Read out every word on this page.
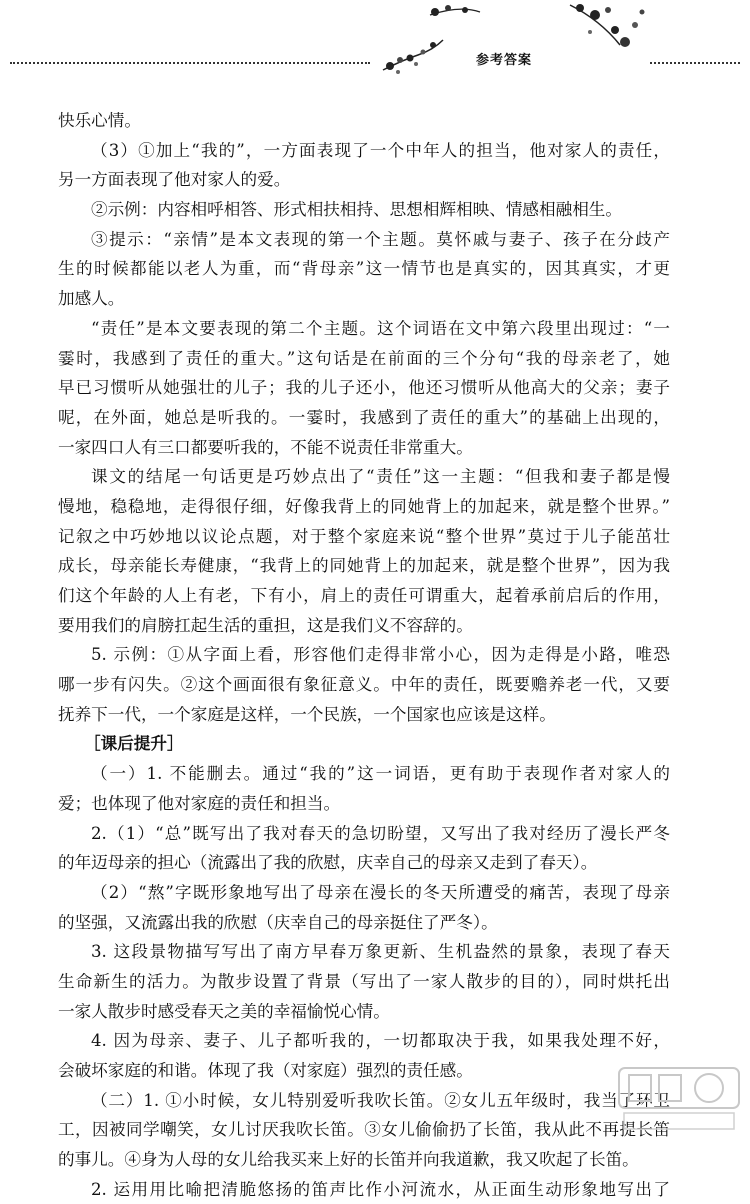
参考答案
快乐心情。
（3）①加上“我的”，一方面表现了一个中年人的担当，他对家人的责任，
另一方面表现了他对家人的爱。
②示例：内容相呼相答、形式相扶相持、思想相辉相映、情感相融相生。
③提示：“亲情”是本文表现的第一个主题。莫怀戚与妻子、孩子在分歧产
生的时候都能以老人为重，而“背母亲”这一情节也是真实的，因其真实，才更
加感人。
“责任”是本文要表现的第二个主题。这个词语在文中第六段里出现过：“一
霎时，我感到了责任的重大。”这句话是在前面的三个分句“我的母亲老了，她
早已习惯听从她强壮的儿子；我的儿子还小，他还习惯听从他高大的父亲；妻子
呢，在外面，她总是听我的。一霎时，我感到了责任的重大”的基础上出现的，
一家四口人有三口都要听我的，不能不说责任非常重大。
课文的结尾一句话更是巧妙点出了“责任”这一主题：“但我和妻子都是慢
慢地，稳稳地，走得很仔细，好像我背上的同她背上的加起来，就是整个世界。”
记叙之中巧妙地以议论点题，对于整个家庭来说“整个世界”莫过于儿子能茁壮
成长，母亲能长寿健康，“我背上的同她背上的加起来，就是整个世界”，因为我
们这个年龄的人上有老，下有小，肩上的责任可谓重大，起着承前启后的作用，
要用我们的肩膀扛起生活的重担，这是我们义不容辞的。
5. 示例：①从字面上看，形容他们走得非常小心，因为走得是小路，唯恐
哪一步有闪失。②这个画面很有象征意义。中年的责任，既要赡养老一代，又要
抚养下一代，一个家庭是这样，一个民族，一个国家也应该是这样。
［课后提升］
（一）1. 不能删去。通过“我的”这一词语，更有助于表现作者对家人的
爱；也体现了他对家庭的责任和担当。
2.（1）“总”既写出了我对春天的急切盼望，又写出了我对经历了漫长严冬
的年迈母亲的担心（流露出了我的欣慰，庆幸自己的母亲又走到了春天）。
（2）“熬”字既形象地写出了母亲在漫长的冬天所遭受的痛苦，表现了母亲
的坚强，又流露出我的欣慰（庆幸自己的母亲挺住了严冬）。
3. 这段景物描写写出了南方早春万象更新、生机盎然的景象，表现了春天
生命新生的活力。为散步设置了背景（写出了一家人散步的目的），同时烘托出
一家人散步时感受春天之美的幸福愉悦心情。
4. 因为母亲、妻子、儿子都听我的，一切都取决于我，如果我处理不好，
会破坏家庭的和谐。体现了我（对家庭）强烈的责任感。
（二）1. ①小时候，女儿特别爱听我吹长笛。②女儿五年级时，我当了环卫
工，因被同学嘲笑，女儿讨厌我吹长笛。③女儿偷偷扔了长笛，我从此不再提长笛
的事儿。④身为人母的女儿给我买来上好的长笛并向我道歉，我又吹起了长笛。
2. 运用用比喻把清脆悠扬的笛声比作小河流水，从正面生动形象地写出了
